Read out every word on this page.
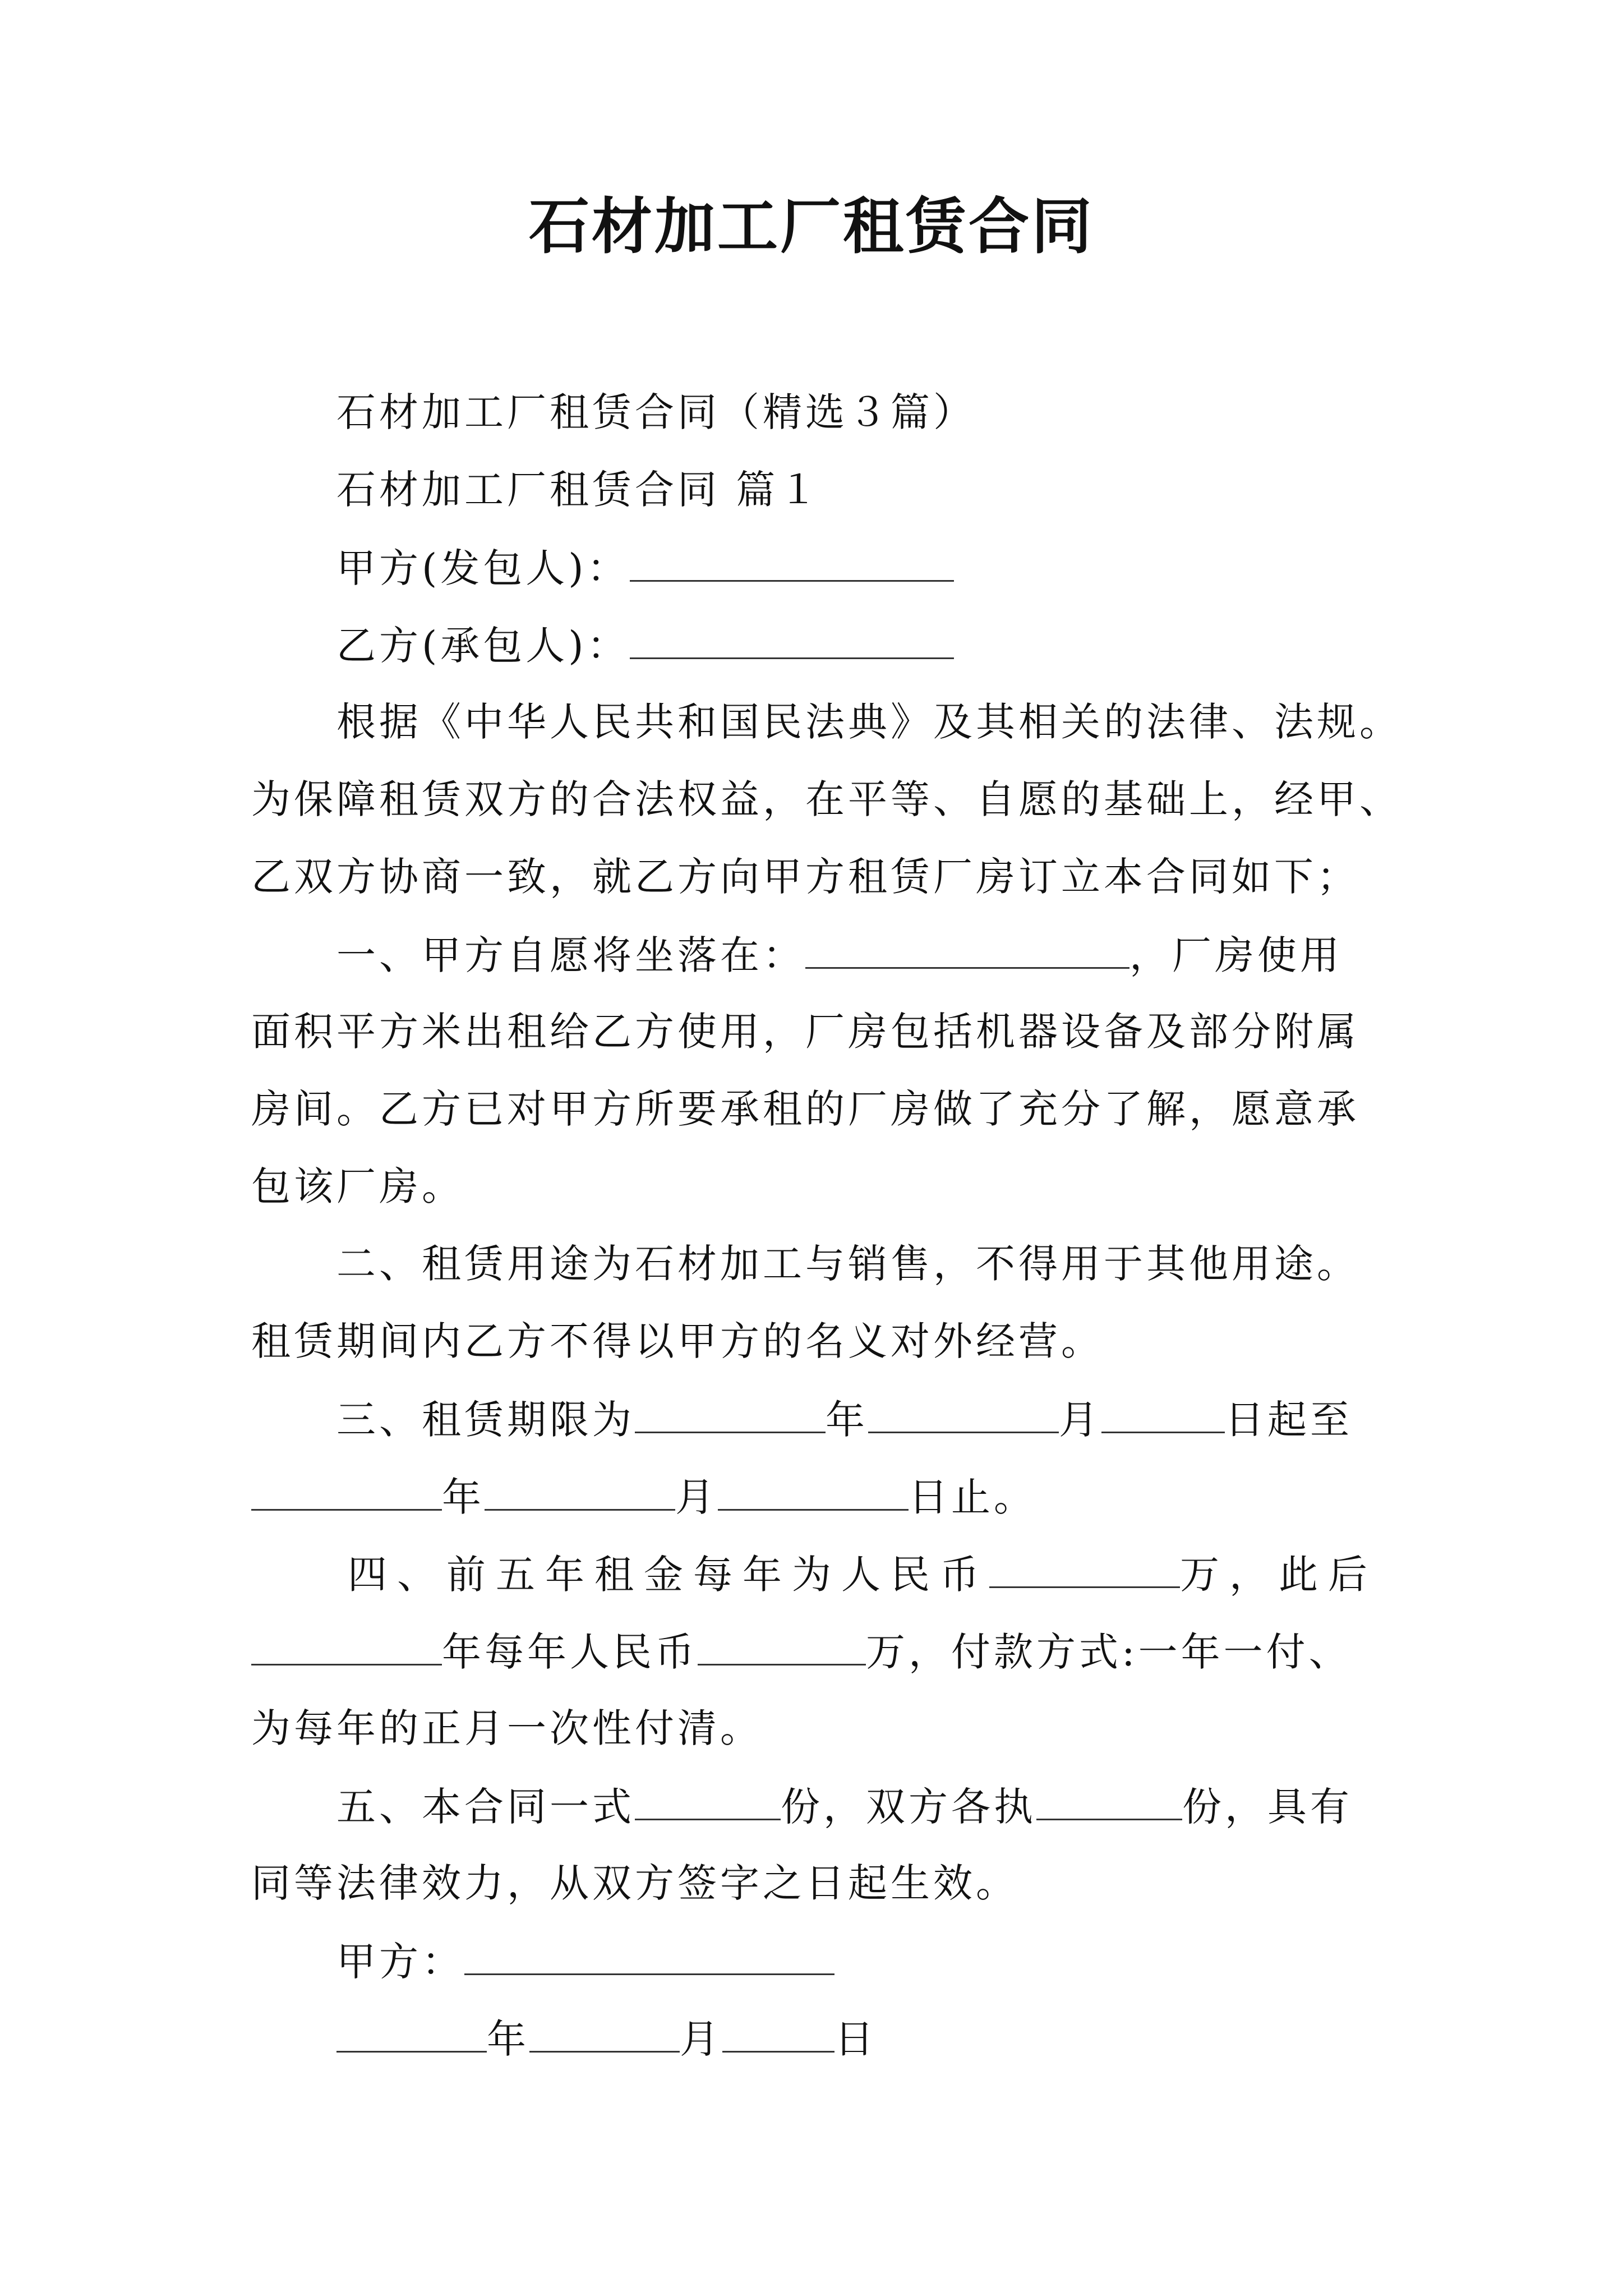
石材加工厂租赁合同
石材加工厂租赁合同（精选３篇）
石材加工厂租赁合同 篇１
甲方(发包人)：
乙方(承包人)：
根据《中华人民共和国民法典》及其相关的法律、法规。
为保障租赁双方的合法权益，在平等、自愿的基础上，经甲、
乙双方协商一致，就乙方向甲方租赁厂房订立本合同如下；
一、甲方自愿将坐落在：	，厂房使用
面积平方米出租给乙方使用，厂房包括机器设备及部分附属
房间。乙方已对甲方所要承租的厂房做了充分了解，愿意承
包该厂房。
二、租赁用途为石材加工与销售，不得用于其他用途。
租赁期间内乙方不得以甲方的名义对外经营。
三、租赁期限为	年	月	日起至
年	月	日止。
四、前五年租金每年为人民币	万，此后
年每年人民币	万，付款方式:一年一付、
为每年的正月一次性付清。
五、本合同一式	份，双方各执	份，具有
同等法律效力，从双方签字之日起生效。
甲方：
年	月	日
